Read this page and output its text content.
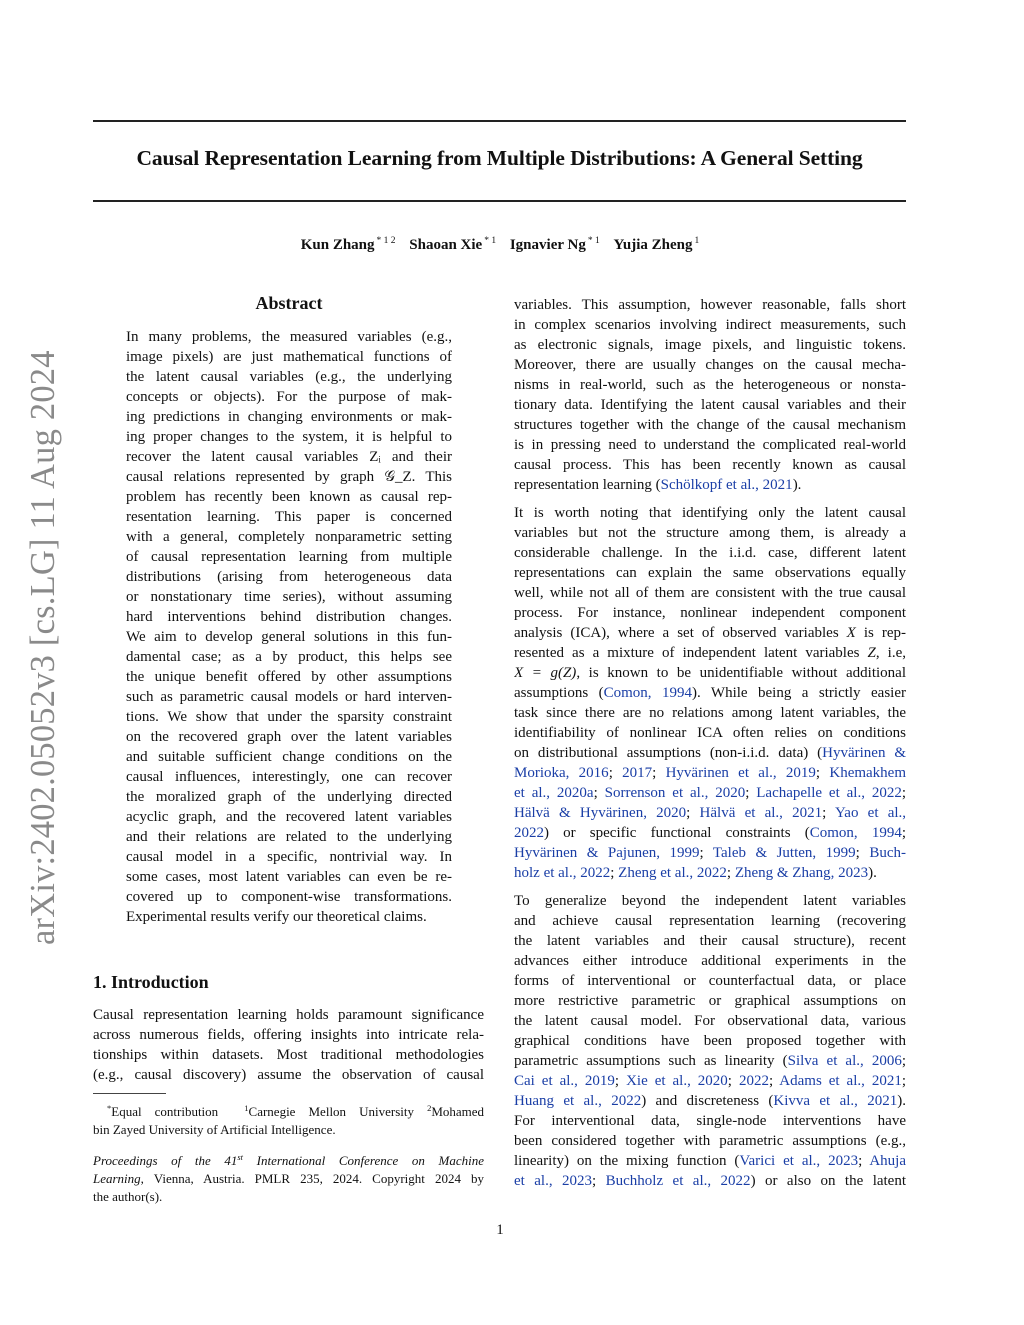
Causal Representation Learning from Multiple Distributions: A General Setting
Kun Zhang $^{* 1 2}$ Shaoan Xie $^{* 1}$ Ignavier Ng $^{* 1}$ Yujia Zheng $^1$
arXiv:2402.05052v3 [cs.LG] 11 Aug 2024
Abstract
In many problems, the measured variables (e.g.,
image pixels) are just mathematical functions of
the latent causal variables (e.g., the underlying
concepts or objects). For the purpose of mak-
ing predictions in changing environments or mak-
ing proper changes to the system, it is helpful to
recover the latent causal variables Zᵢ and their
causal relations represented by graph 𝒢_Z. This
problem has recently been known as causal rep-
resentation learning. This paper is concerned
with a general, completely nonparametric setting
of causal representation learning from multiple
distributions (arising from heterogeneous data
or nonstationary time series), without assuming
hard interventions behind distribution changes.
We aim to develop general solutions in this fun-
damental case; as a by product, this helps see
the unique benefit offered by other assumptions
such as parametric causal models or hard interven-
tions. We show that under the sparsity constraint
on the recovered graph over the latent variables
and suitable sufficient change conditions on the
causal influences, interestingly, one can recover
the moralized graph of the underlying directed
acyclic graph, and the recovered latent variables
and their relations are related to the underlying
causal model in a specific, nontrivial way. In
some cases, most latent variables can even be re-
covered up to component-wise transformations.
Experimental results verify our theoretical claims.
1. Introduction
Causal representation learning holds paramount significance
across numerous fields, offering insights into intricate rela-
tionships within datasets. Most traditional methodologies
(e.g., causal discovery) assume the observation of causal
*Equal contribution	$^1$Carnegie Mellon University $^2$Mohamed
bin Zayed University of Artificial Intelligence.
Proceedings of the 41st International Conference on Machine
Learning, Vienna, Austria. PMLR 235, 2024. Copyright 2024 by
the author(s).
variables. This assumption, however reasonable, falls short
in complex scenarios involving indirect measurements, such
as electronic signals, image pixels, and linguistic tokens.
Moreover, there are usually changes on the causal mecha-
nisms in real-world, such as the heterogeneous or nonsta-
tionary data. Identifying the latent causal variables and their
structures together with the change of the causal mechanism
is in pressing need to understand the complicated real-world
causal process. This has been recently known as causal
representation learning (Schölkopf et al., 2021).
It is worth noting that identifying only the latent causal
variables but not the structure among them, is already a
considerable challenge. In the i.i.d. case, different latent
representations can explain the same observations equally
well, while not all of them are consistent with the true causal
process. For instance, nonlinear independent component
analysis (ICA), where a set of observed variables X is rep-
resented as a mixture of independent latent variables Z, i.e,
X = g(Z), is known to be unidentifiable without additional
assumptions (Comon, 1994). While being a strictly easier
task since there are no relations among latent variables, the
identifiability of nonlinear ICA often relies on conditions
on distributional assumptions (non-i.i.d. data) (Hyvärinen &
Morioka, 2016; 2017; Hyvärinen et al., 2019; Khemakhem
et al., 2020a; Sorrenson et al., 2020; Lachapelle et al., 2022;
Hälvä & Hyvärinen, 2020; Hälvä et al., 2021; Yao et al.,
2022) or specific functional constraints (Comon, 1994;
Hyvärinen & Pajunen, 1999; Taleb & Jutten, 1999; Buch-
holz et al., 2022; Zheng et al., 2022; Zheng & Zhang, 2023).
To generalize beyond the independent latent variables
and achieve causal representation learning (recovering
the latent variables and their causal structure), recent
advances either introduce additional experiments in the
forms of interventional or counterfactual data, or place
more restrictive parametric or graphical assumptions on
the latent causal model. For observational data, various
graphical conditions have been proposed together with
parametric assumptions such as linearity (Silva et al., 2006;
Cai et al., 2019; Xie et al., 2020; 2022; Adams et al., 2021;
Huang et al., 2022) and discreteness (Kivva et al., 2021).
For interventional data, single-node interventions have
been considered together with parametric assumptions (e.g.,
linearity) on the mixing function (Varici et al., 2023; Ahuja
et al., 2023; Buchholz et al., 2022) or also on the latent
1
